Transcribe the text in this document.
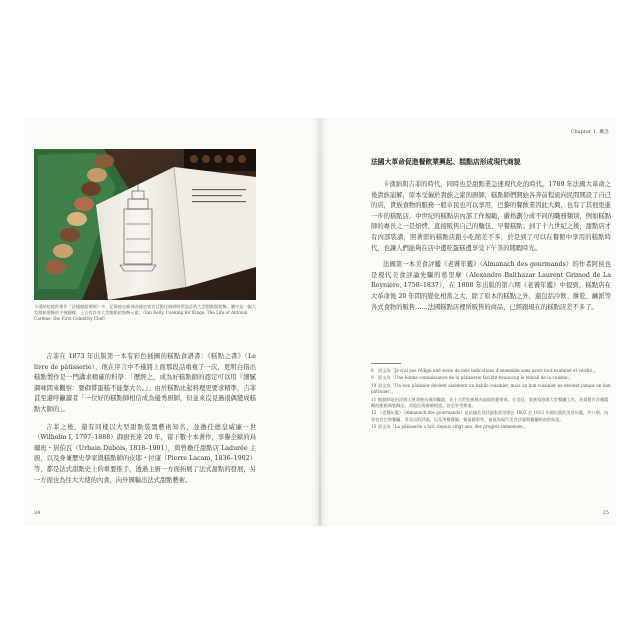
卡漢納包他的專作《法國糕點聖經》中，記錄他在歐洲各國皇家宮廷擔任廚師時所設計的大型甜點與裝飾，圖中是一幅大型甜點裝飾的手繪圖樣，上方有許多大型甜點的裝飾元素。（Ian Kelly, Cooking for Kings: The Life of Antonin Carême, the First Celebrity Chef）

吉菲在 1873 年出版第一本有彩色插圖的糕點食譜書：《糕點之書》（Le livre de pâtisserie），他在序言中不僅將上面那段話重複了一次，更明白指出糕點製作是一門講求精確的科學：「歷經之，成為好糕點師的認定可以用『細膩調味間來觀察：要御嘗蛋糕不能靠大公。』」由於糕點比起料理更要求精準，吉菲甚至還呼籲讀者「一位好的糕點師相信成為優秀廚師，但並來沒見過很偶變成糕點大師的」。

吉菲之後，還有同樣以大型甜點裝置藝術知名，並擔任德皇威廉一世（Wilhelm I, 1797–1888）御廚長達 20 年，留下數十本著作，享譽全歐的烏爾班・居伯瓦（Urbain Dubois, 1818–1901），與曾擔任甜點店 Ladurée 主廚，以及身兼歷史學家與糕點師的皮耶・拉康（Pierre Lacam, 1836–1902）等，都是法式甜點史上的重要推手，透過主廚一方面拓展了法式甜點的發展，另一方面也為往大大使的內食，向外國輸出法式甜點藝術。

Chapter 1. 概念
法國大革命促進餐飲業興起、糕點店形成現代商貌

卡漢納與吉菲的時代，同時也是甜點業急速現代化的時代。1789 年法國大革命之後貴族崩解，原本受僱於貴族之家的廚師，糕點師們開始各奔前程流向民間開設了自己的店，貴族食物的服務一般市民也可以享用，巴黎的餐飲業因此大興，也有了其他更進一步的糕點店。中世紀的糕點店內部工作規範，嚴格劃分成不同的職務類別，例如糕點師的專長之一是焙烤，直接販售自己的麵包、早餐糕點；到了十九世紀之後，甜點店才有內部裝潢，照著需的糕點店跟小吃館差不多，於是到了可以在餐館中享用的糕點時代，也讓人們能夠在店中邊吃蛋糕邊享受下午茶的閒暇時光。

法國第一本美食評鑑《老饕年鑑》（Almanach des gourmands）的作者阿侯也是現代美食評論先驅的葛里摩（Alexandre Balthazar Laurent Grimod de La Reynière, 1758–1837），在 1808 年出版的第六期《老饕年鑑》中提到，糕點店在大革命後 20 年間的變化相當之大，除了原本的糕點之外，還包括冷飲、餅乾、鹹派等各式食物的販售……法國糕點店裡所販售的商品，已經跟現在的糕點店差不多了。

8 原文為「Je n'ai pas rédigé une seule de mes indications d'ensemble sans avoir tout examiné et vérifié」。
9 原文為「Une bonne connaissance de la pâtisserie facilite beaucoup le travail de la cuisine」。
10 原文為「Un bon pâtissier devient aisément un habile cuisinier, mais un bon cuisinier ne devient jamais un bon pâtissier」。
11 糕點師是由法國大革命後出現的職業，在十九世紀被視為高級的藝術家，在宮廷、貴族家庭或大型餐廳工作，負責製作各種精緻的甜點與裝飾品，其地位與廚師相當，甚至更受尊重。
12 《老饕年鑑》（Almanach des gourmands）是法國美食評論家葛里摩在 1803 至 1812 年間出版的美食年鑑，共八期，內容包括巴黎餐廳、食品店的評論，以及用餐禮儀、餐桌藝術等，被視為現代美食評論與餐廳指南的始祖。
13 原文為「La pâtisserie a fait, depuis vingt ans, des progrès immenses」。
24	25
